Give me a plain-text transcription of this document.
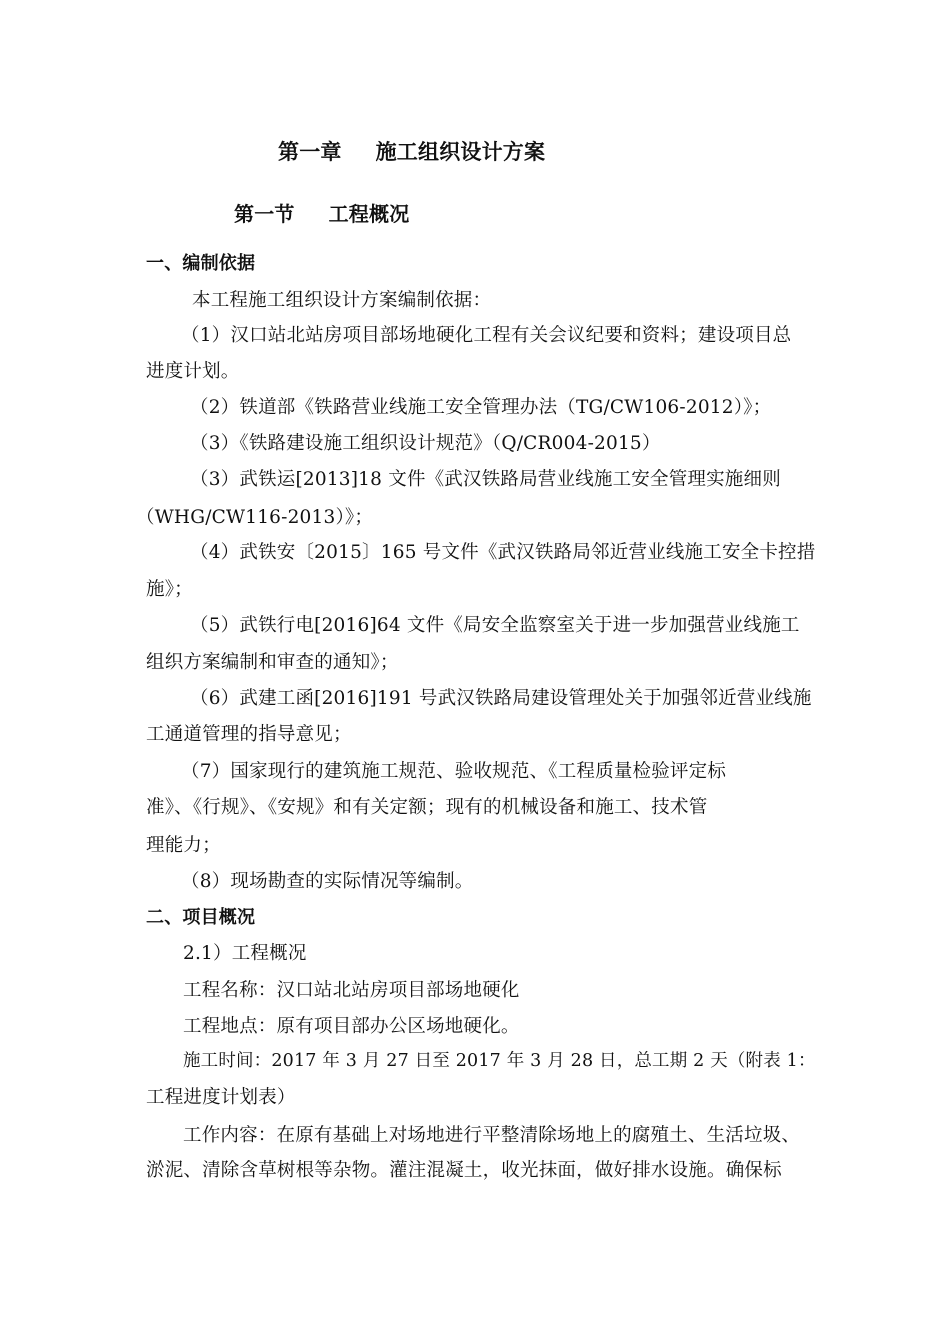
第一章 施工组织设计方案
第一节 工程概况
一、编制依据
本工程施工组织设计方案编制依据：
（1）汉口站北站房项目部场地硬化工程有关会议纪要和资料；建设项目总
进度计划。
（2）铁道部《铁路营业线施工安全管理办法（TG/CW106-2012）》；
（3）《铁路建设施工组织设计规范》（Q/CR004-2015）
（3）武铁运[2013]18 文件《武汉铁路局营业线施工安全管理实施细则
（WHG/CW116-2013）》；
（4）武铁安〔2015〕165 号文件《武汉铁路局邻近营业线施工安全卡控措
施》；
（5）武铁行电[2016]64 文件《局安全监察室关于进一步加强营业线施工
组织方案编制和审查的通知》；
（6）武建工函[2016]191 号武汉铁路局建设管理处关于加强邻近营业线施
工通道管理的指导意见；
（7）国家现行的建筑施工规范、验收规范、《工程质量检验评定标
准》、《行规》、《安规》和有关定额；现有的机械设备和施工、技术管
理能力；
（8）现场勘查的实际情况等编制。
二、项目概况
2.1）工程概况
工程名称：汉口站北站房项目部场地硬化
工程地点：原有项目部办公区场地硬化。
施工时间：2017 年 3 月 27 日至 2017 年 3 月 28 日，总工期 2 天（附表 1：
工程进度计划表）
工作内容：在原有基础上对场地进行平整清除场地上的腐殖土、生活垃圾、
淤泥、清除含草树根等杂物。灌注混凝土，收光抹面，做好排水设施。确保标
